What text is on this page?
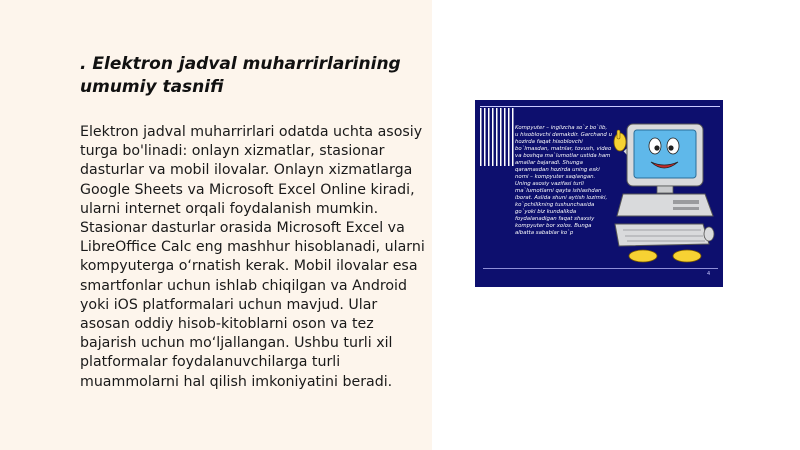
. Elektron jadval muharrirlarining umumiy tasnifi

Elektron jadval muharrirlari odatda uchta asosiy turga bo'linadi: onlayn xizmatlar, stasionar dasturlar va mobil ilovalar. Onlayn xizmatlarga Google Sheets va Microsoft Excel Online kiradi, ularni internet orqali foydalanish mumkin. Stasionar dasturlar orasida Microsoft Excel va LibreOffice Calc eng mashhur hisoblanadi, ularni kompyuterga o‘rnatish kerak. Mobil ilovalar esa smartfonlar uchun ishlab chiqilgan va Android yoki iOS platformalari uchun mavjud. Ular asosan oddiy hisob-kitoblarni oson va tez bajarish uchun mo‘ljallangan. Ushbu turli xil platformalar foydalanuvchilarga turli muammolarni hal qilish imkoniyatini beradi.

Kompyuter – inglizcha so`z bo`lib, u hisoblovchi demakdir. Garchand u hozirda faqat hisoblovchi bo`lmasdan, matnlar, tovush, video va boshqa ma`lumotlar ustida ham amallar bajaradi. Shunga qaramasdan hozirda uning eski nomi – kompyuter saqlangan. Uning asosiy vazifasi turli ma`lumotlarni qayta ishlashdan iborat. Aslida shuni aytish lozimki, ko`pchilikning tushunchasida go`yoki biz kundalikda foydalanadigan faqat shaxsiy kompyuter bor xolos. Bunga albatta sabablar ko`p

4
